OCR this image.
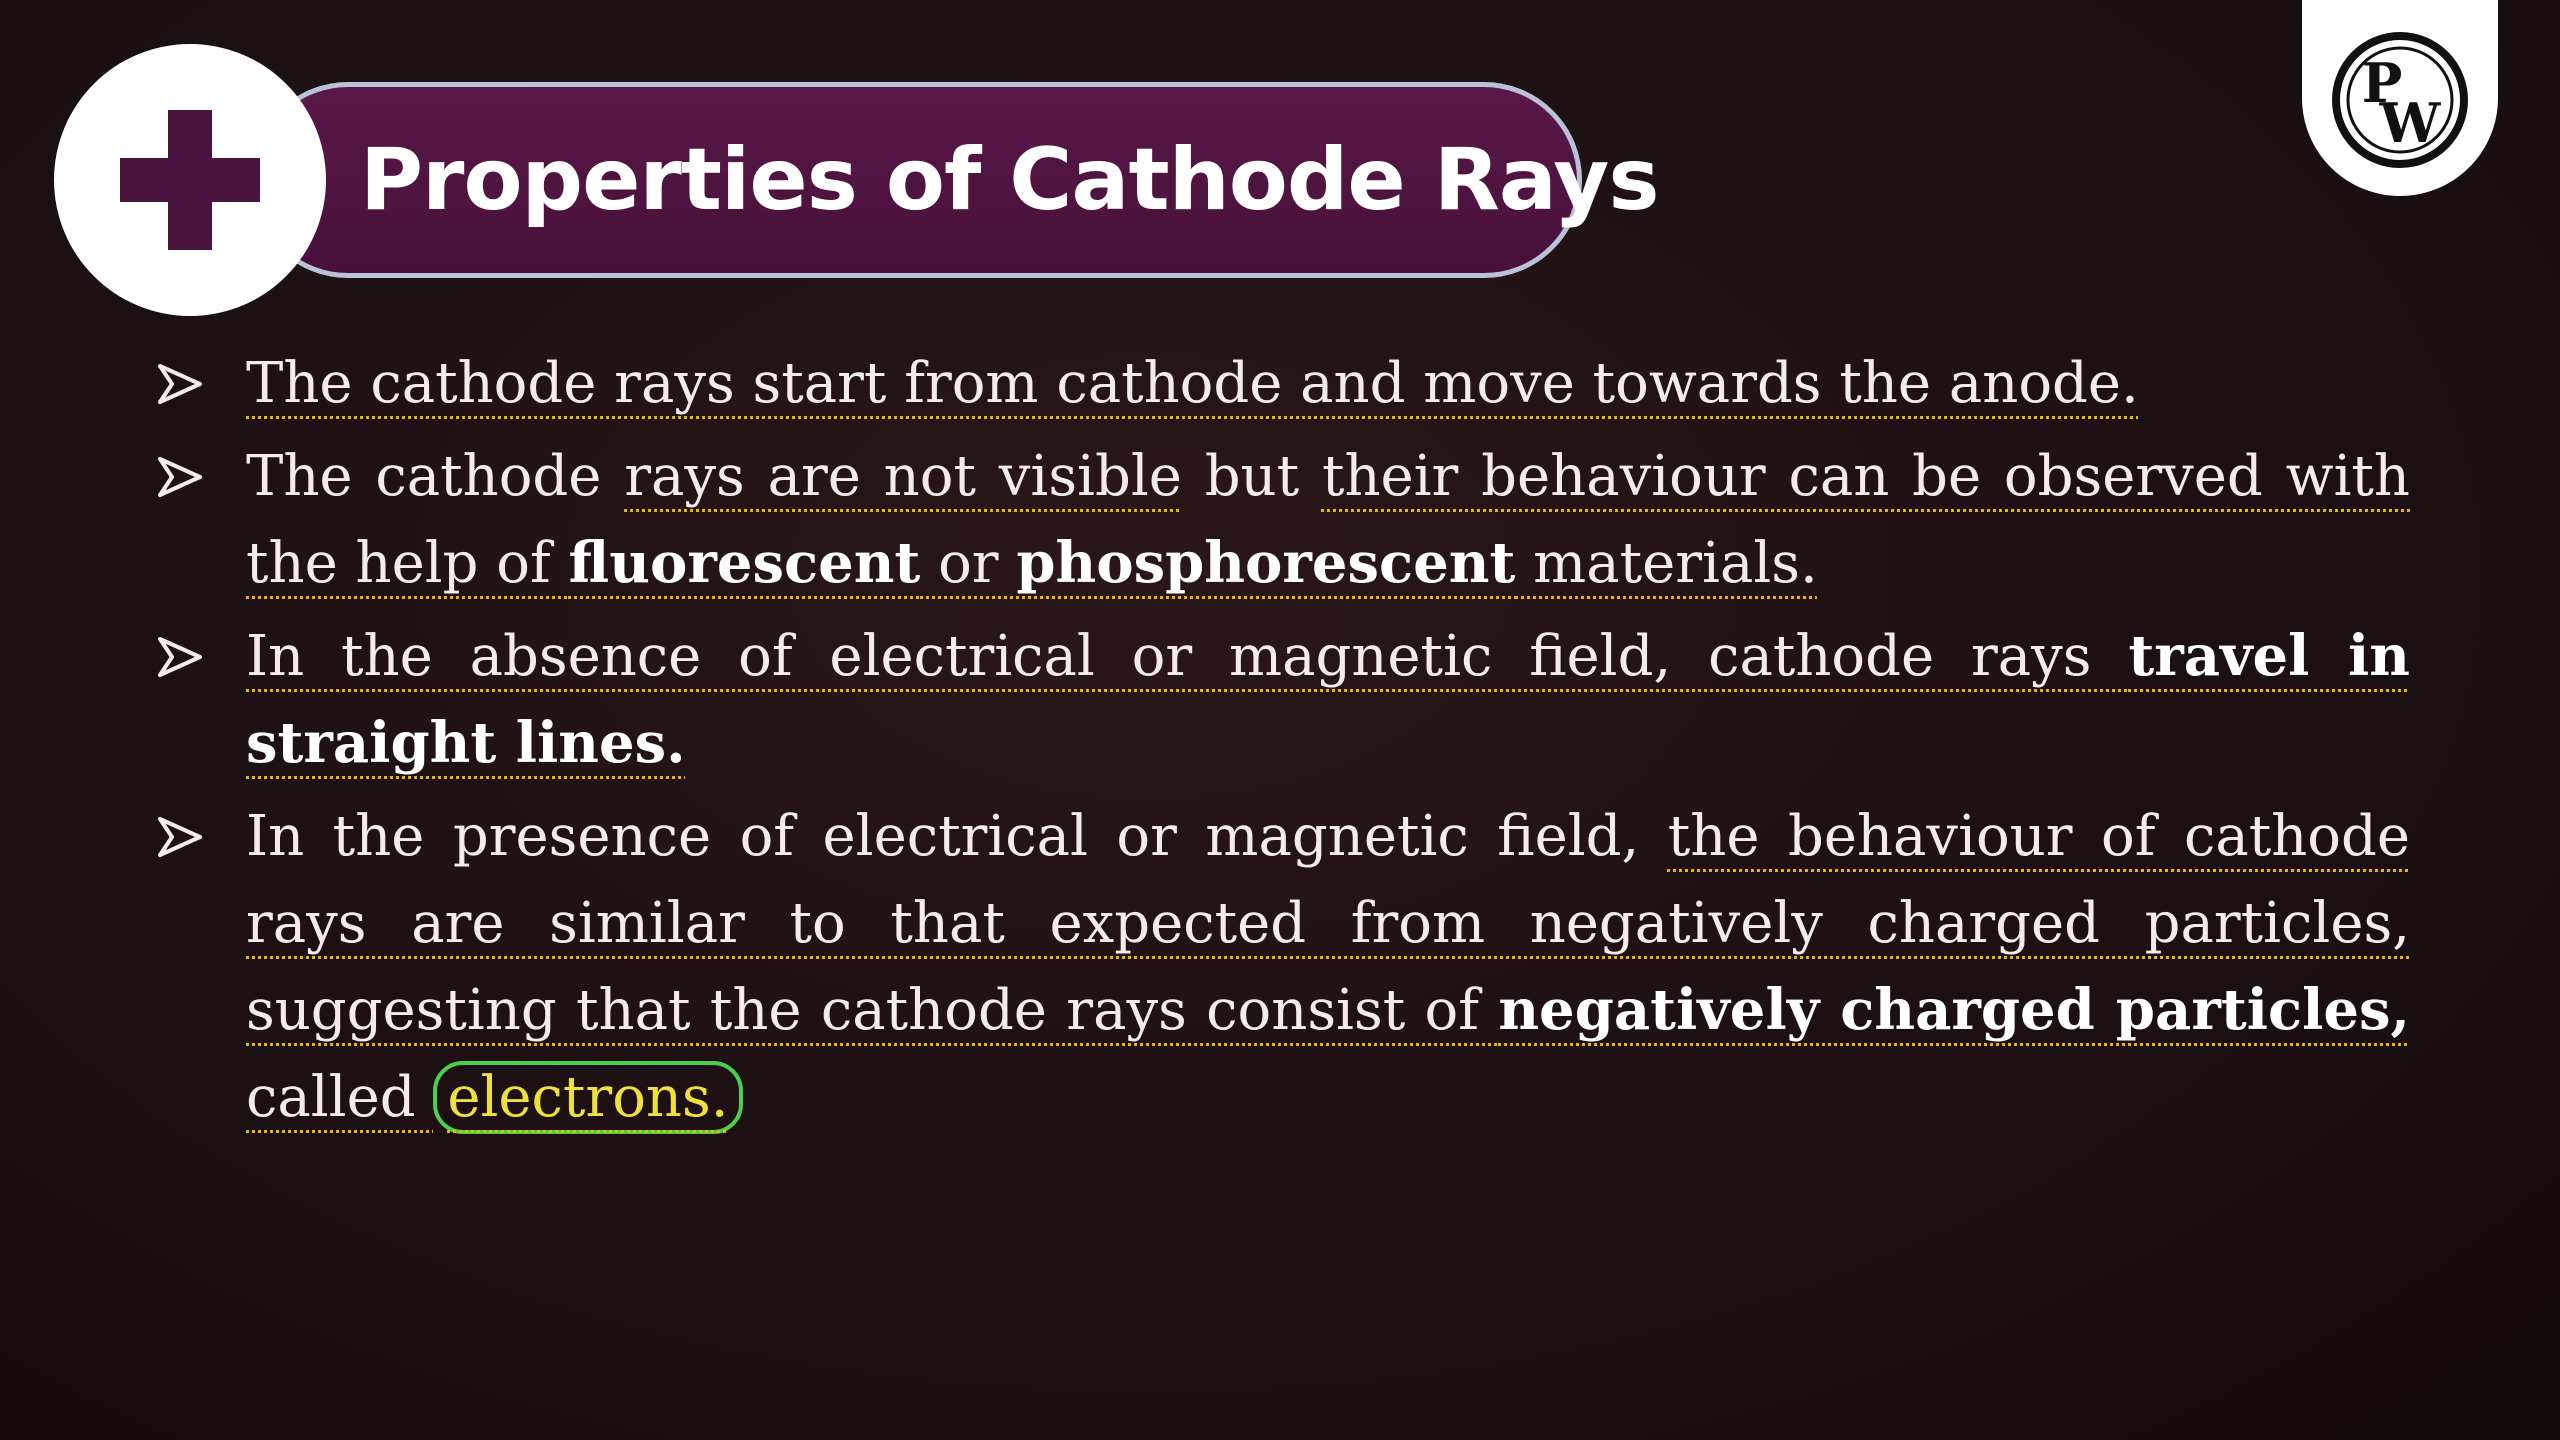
Properties of Cathode Rays
P
W
The cathode rays start from cathode and move towards the anode.
The cathode rays are not visible but their behaviour can be observed with the help of fluorescent or phosphorescent materials.
In the absence of electrical or magnetic field, cathode rays travel in straight lines.
In the presence of electrical or magnetic field, the behaviour of cathode rays are similar to that expected from negatively charged particles, suggesting that the cathode rays consist of negatively charged particles, called electrons.
